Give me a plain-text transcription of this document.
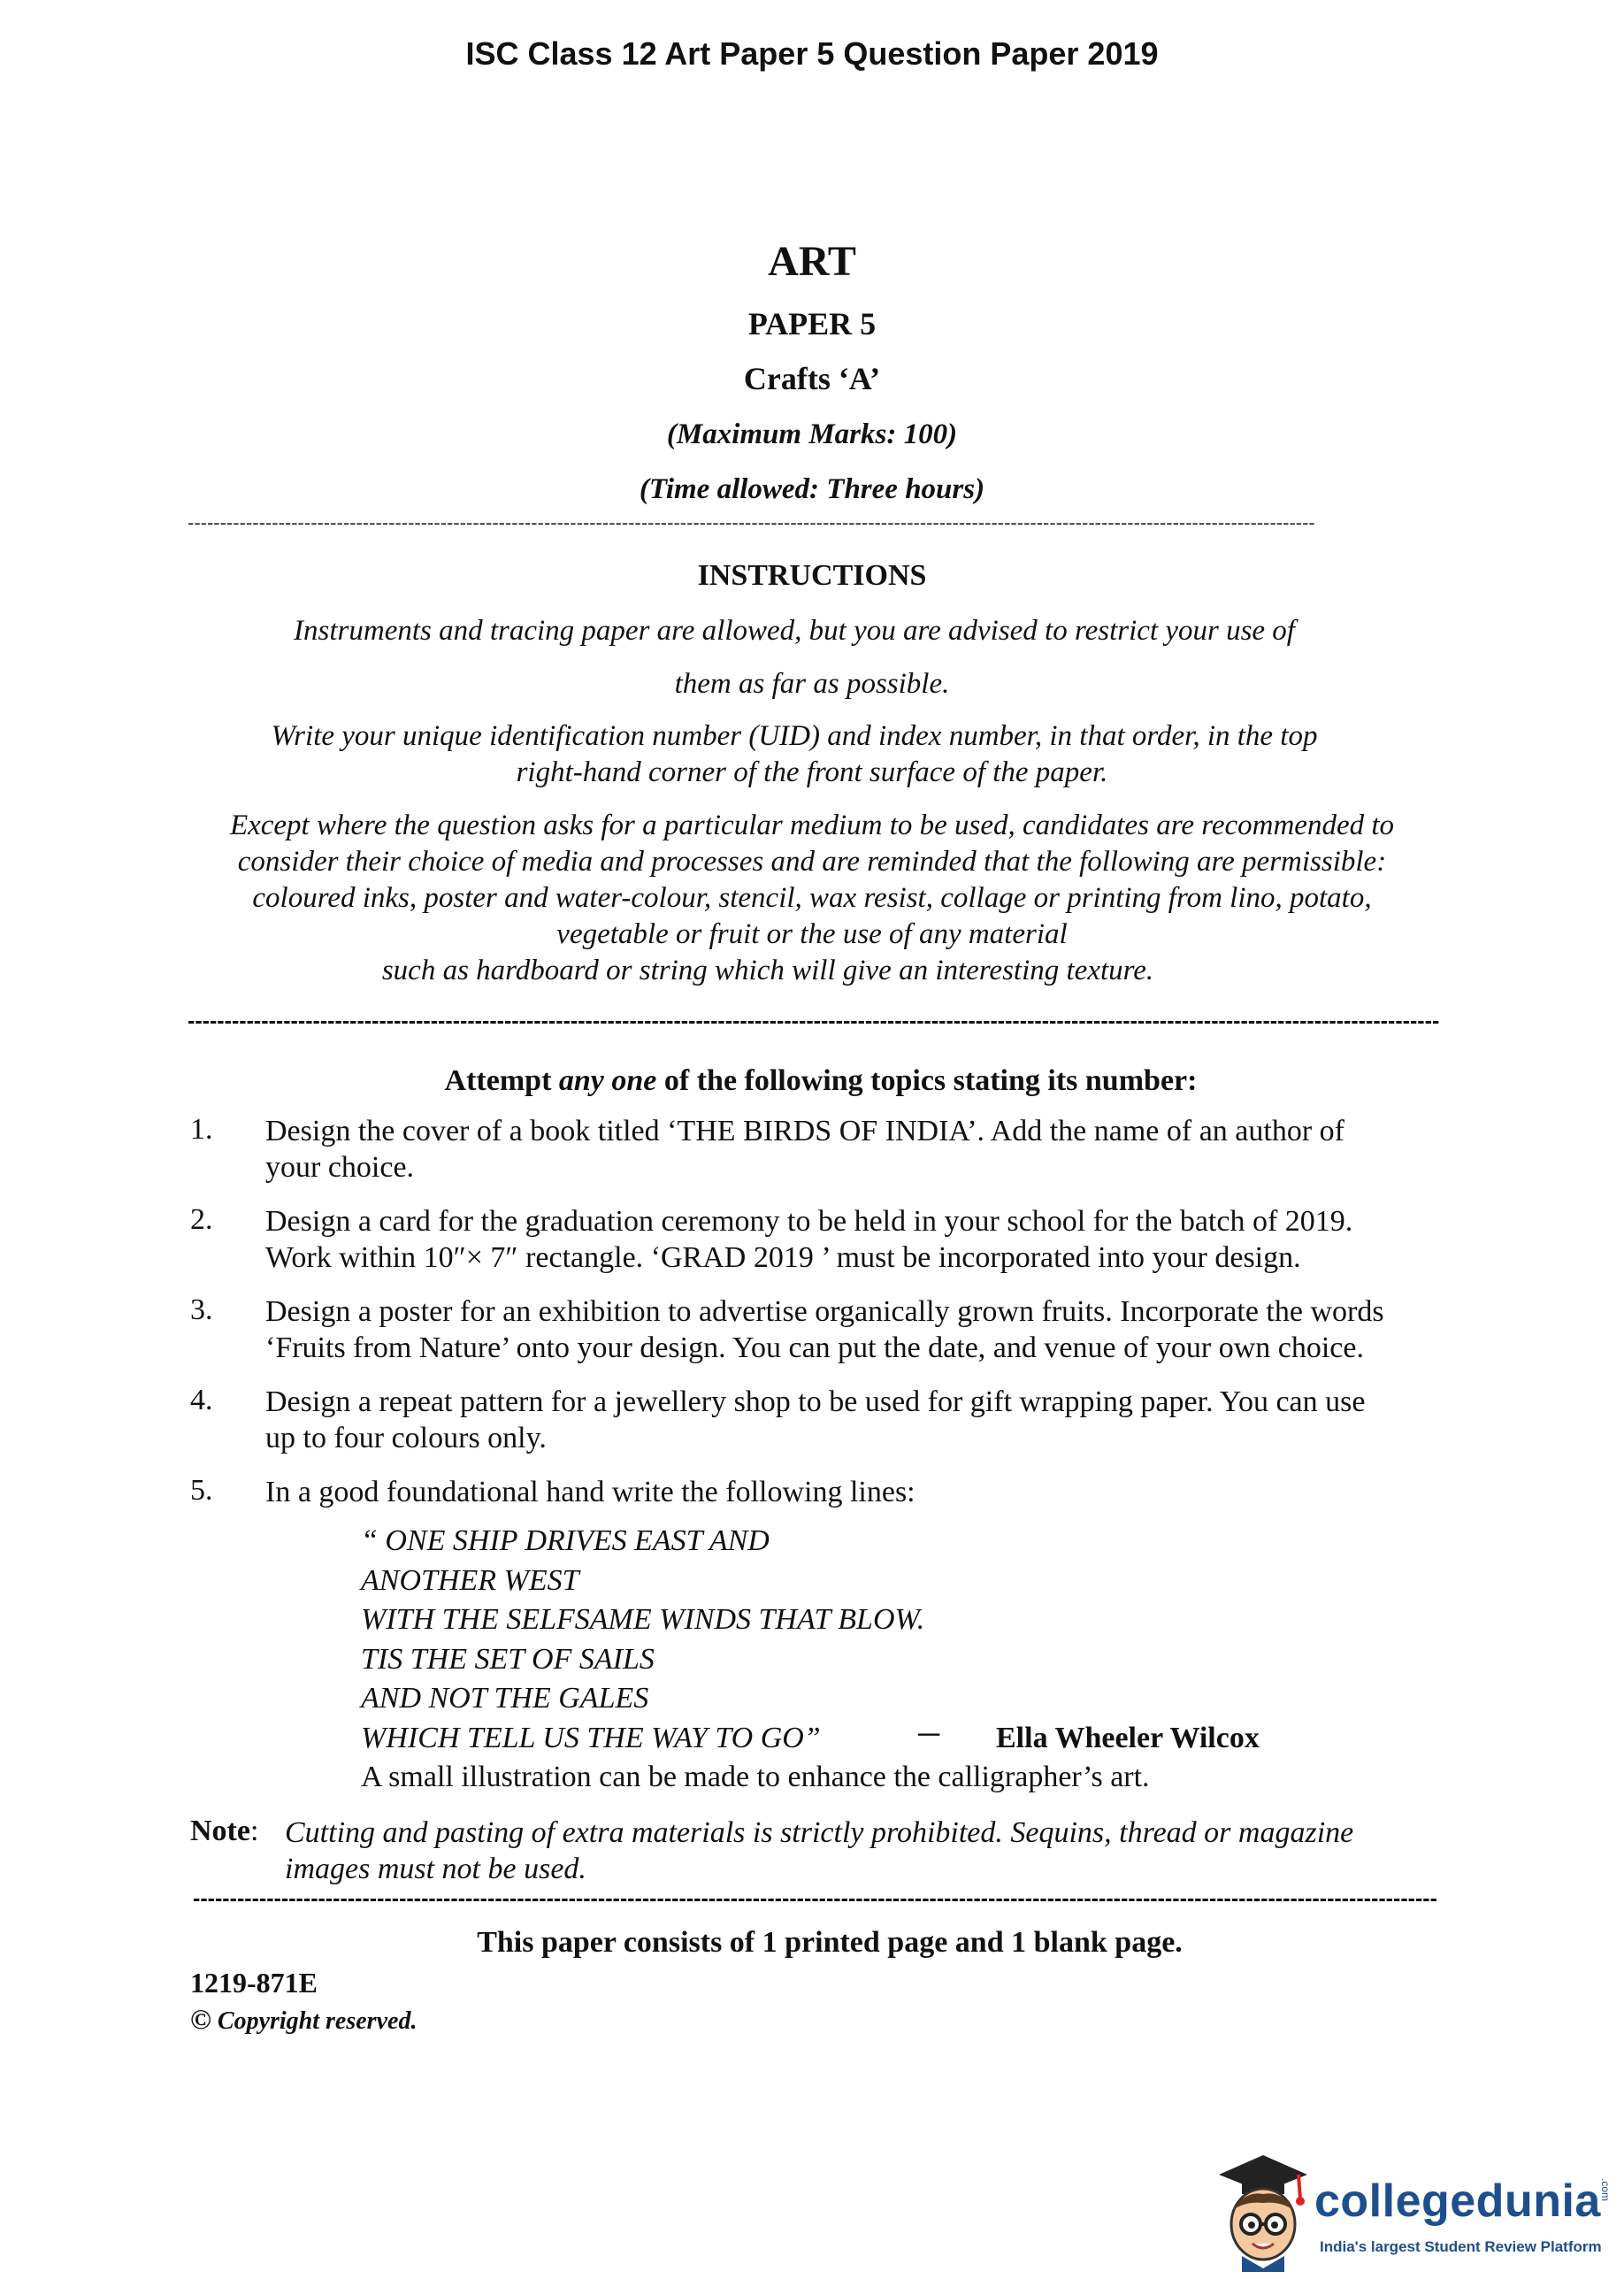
ISC Class 12 Art Paper 5 Question Paper 2019
ART
PAPER 5
Crafts ‘A’
(Maximum Marks: 100)
(Time allowed: Three hours)
------------------------------------------------------------------------------------------------------------------------------------------------------------------------------
INSTRUCTIONS
Instruments and tracing paper are allowed, but you are advised to restrict your use of
them as far as possible.
Write your unique identification number (UID) and index number, in that order, in the top
right-hand corner of the front surface of the paper.
Except where the question asks for a particular medium to be used, candidates are recommended to
consider their choice of media and processes and are reminded that the following are permissible:
coloured inks, poster and water-colour, stencil, wax resist, collage or printing from lino, potato,
vegetable or fruit or the use of any material
such as hardboard or string which will give an interesting texture.
--------------------------------------------------------------------------------------------------------------------------------------------------------------------------
Attempt any one of the following topics stating its number:
1. Design the cover of a book titled ‘THE BIRDS OF INDIA’. Add the name of an author of
your choice.
2. Design a card for the graduation ceremony to be held in your school for the batch of 2019.
Work within 10″× 7″ rectangle. ‘GRAD 2019 ’ must be incorporated into your design.
3. Design a poster for an exhibition to advertise organically grown fruits. Incorporate the words
‘Fruits from Nature’ onto your design. You can put the date, and venue of your own choice.
4. Design a repeat pattern for a jewellery shop to be used for gift wrapping paper. You can use
up to four colours only.
5. In a good foundational hand write the following lines:
“ ONE SHIP DRIVES EAST AND
ANOTHER WEST
WITH THE SELFSAME WINDS THAT BLOW.
TIS THE SET OF SAILS
AND NOT THE GALES
WHICH TELL US THE WAY TO GO”	─ Ella Wheeler Wilcox
A small illustration can be made to enhance the calligrapher’s art.
Note: Cutting and pasting of extra materials is strictly prohibited. Sequins, thread or magazine
images must not be used.
-------------------------------------------------------------------------------------------------------------------------------------------------------------------------
This paper consists of 1 printed page and 1 blank page.
1219-871E
© Copyright reserved.
collegedunia
.com
India's largest Student Review Platform
